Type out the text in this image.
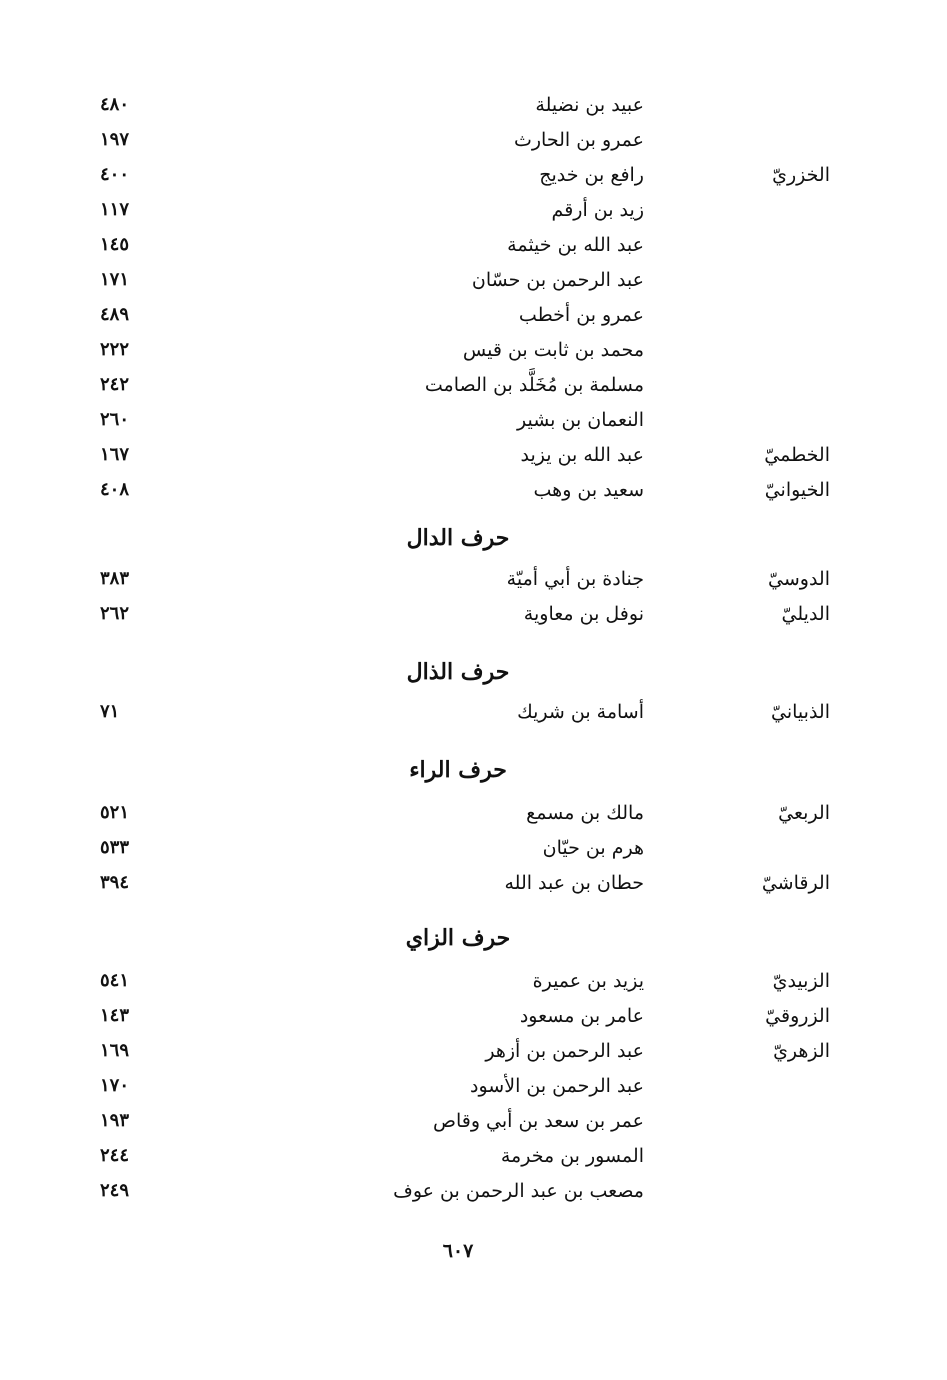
عبيد بن نضيلة
٤٨٠
عمرو بن الحارث
١٩٧
الخزريّ
رافع بن خديج
٤٠٠
زيد بن أرقم
١١٧
عبد الله بن خيثمة
١٤٥
عبد الرحمن بن حسّان
١٧١
عمرو بن أخطب
٤٨٩
محمد بن ثابت بن قيس
٢٢٢
مسلمة بن مُخَلَّد بن الصامت
٢٤٢
النعمان بن بشير
٢٦٠
الخطميّ
عبد الله بن يزيد
١٦٧
الخيوانيّ
سعيد بن وهب
٤٠٨
حرف الدال
الدوسيّ
جنادة بن أبي أميّة
٣٨٣
الديليّ
نوفل بن معاوية
٢٦٢
حرف الذال
الذبيانيّ
أسامة بن شريك
٧١
حرف الراء
الربعيّ
مالك بن مسمع
٥٢١
هرم بن حيّان
٥٣٣
الرقاشيّ
حطان بن عبد الله
٣٩٤
حرف الزاي
الزبيديّ
يزيد بن عميرة
٥٤١
الزروقيّ
عامر بن مسعود
١٤٣
الزهريّ
عبد الرحمن بن أزهر
١٦٩
عبد الرحمن بن الأسود
١٧٠
عمر بن سعد بن أبي وقاص
١٩٣
المسور بن مخرمة
٢٤٤
مصعب بن عبد الرحمن بن عوف
٢٤٩
٦٠٧
